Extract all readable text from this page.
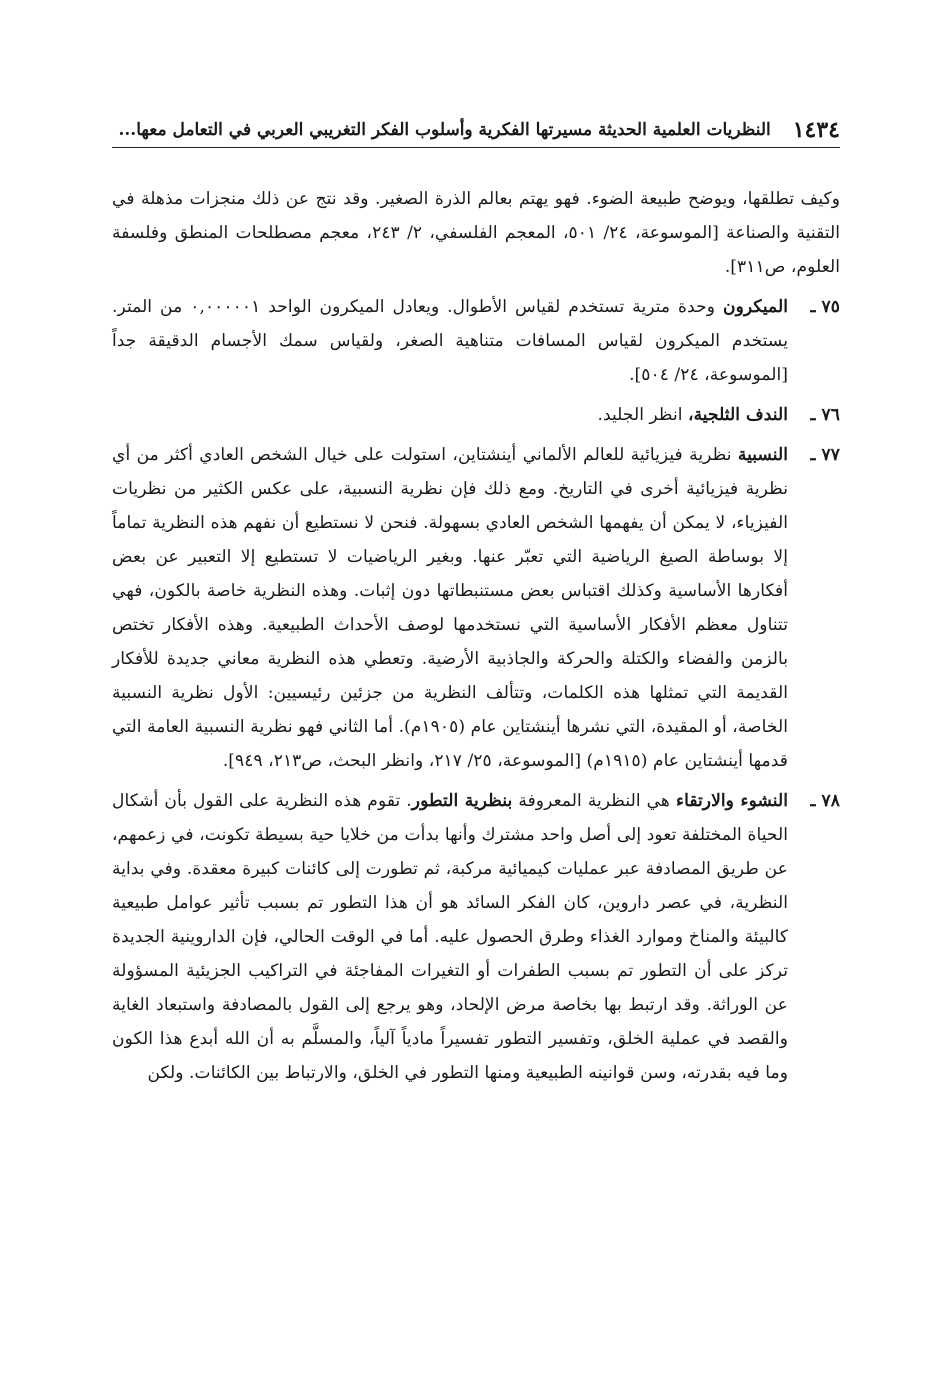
١٤٣٤
النظريات العلمية الحديثة مسيرتها الفكرية وأسلوب الفكر التغريبي العربي في التعامل معها...

وكيف تطلقها، ويوضح طبيعة الضوء. فهو يهتم بعالم الذرة الصغير. وقد نتج عن ذلك منجزات مذهلة في التقنية والصناعة [الموسوعة، ٢٤/ ٥٠١، المعجم الفلسفي، ٢/ ٢٤٣، معجم مصطلحات المنطق وفلسفة العلوم، ص٣١١].

٧٥ ـ
الميكرون وحدة مترية تستخدم لقياس الأطوال. ويعادل الميكرون الواحد ٠,٠٠٠٠٠١ من المتر. يستخدم الميكرون لقياس المسافات متناهية الصغر، ولقياس سمك الأجسام الدقيقة جداً [الموسوعة، ٢٤/ ٥٠٤].

٧٦ ـ
الندف الثلجية، انظر الجليد.

٧٧ ـ
النسبية نظرية فيزيائية للعالم الألماني أينشتاين، استولت على خيال الشخص العادي أكثر من أي نظرية فيزيائية أخرى في التاريخ. ومع ذلك فإن نظرية النسبية، على عكس الكثير من نظريات الفيزياء، لا يمكن أن يفهمها الشخص العادي بسهولة. فنحن لا نستطيع أن نفهم هذه النظرية تماماً إلا بوساطة الصيغ الرياضية التي تعبّر عنها. وبغير الرياضيات لا تستطيع إلا التعبير عن بعض أفكارها الأساسية وكذلك اقتباس بعض مستنبطاتها دون إثبات. وهذه النظرية خاصة بالكون، فهي تتناول معظم الأفكار الأساسية التي نستخدمها لوصف الأحداث الطبيعية. وهذه الأفكار تختص بالزمن والفضاء والكتلة والحركة والجاذبية الأرضية. وتعطي هذه النظرية معاني جديدة للأفكار القديمة التي تمثلها هذه الكلمات، وتتألف النظرية من جزئين رئيسيين: الأول نظرية النسبية الخاصة، أو المقيدة، التي نشرها أينشتاين عام (١٩٠٥م). أما الثاني فهو نظرية النسبية العامة التي قدمها أينشتاين عام (١٩١٥م) [الموسوعة، ٢٥/ ٢١٧، وانظر البحث، ص٢١٣، ٩٤٩].

٧٨ ـ
النشوء والارتقاء هي النظرية المعروفة بنظرية التطور. تقوم هذه النظرية على القول بأن أشكال الحياة المختلفة تعود إلى أصل واحد مشترك وأنها بدأت من خلايا حية بسيطة تكونت، في زعمهم، عن طريق المصادفة عبر عمليات كيميائية مركبة، ثم تطورت إلى كائنات كبيرة معقدة. وفي بداية النظرية، في عصر داروين، كان الفكر السائد هو أن هذا التطور تم بسبب تأثير عوامل طبيعية كالبيئة والمناخ وموارد الغذاء وطرق الحصول عليه. أما في الوقت الحالي، فإن الداروينية الجديدة تركز على أن التطور تم بسبب الطفرات أو التغيرات المفاجئة في التراكيب الجزيئية المسؤولة عن الوراثة. وقد ارتبط بها بخاصة مرض الإلحاد، وهو يرجع إلى القول بالمصادفة واستبعاد الغاية والقصد في عملية الخلق، وتفسير التطور تفسيراً مادياً آلياً، والمسلَّم به أن الله أبدع هذا الكون وما فيه بقدرته، وسن قوانينه الطبيعية ومنها التطور في الخلق، والارتباط بين الكائنات. ولكن
